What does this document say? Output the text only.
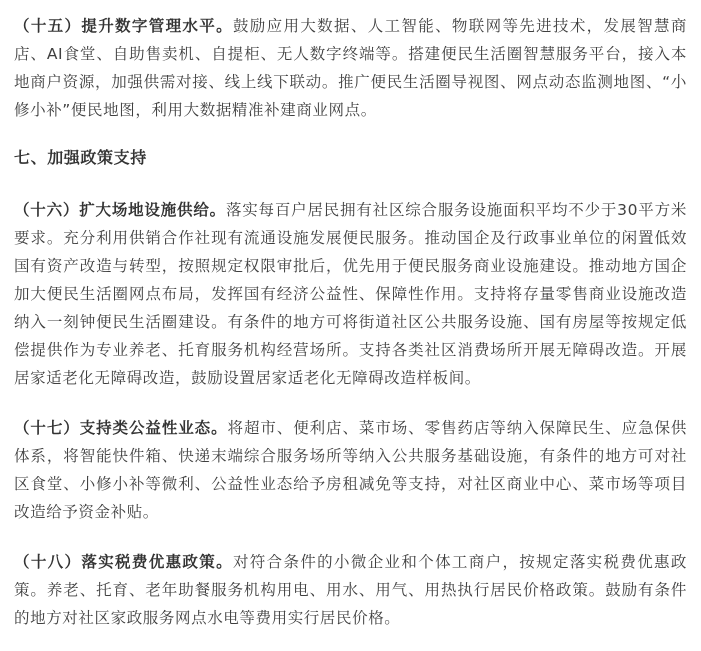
（十五）提升数字管理水平。鼓励应用大数据、人工智能、物联网等先进技术，发展智慧商店、AI食堂、自助售卖机、自提柜、无人数字终端等。搭建便民生活圈智慧服务平台，接入本地商户资源，加强供需对接、线上线下联动。推广便民生活圈导视图、网点动态监测地图、“小修小补”便民地图，利用大数据精准补建商业网点。

七、加强政策支持

（十六）扩大场地设施供给。落实每百户居民拥有社区综合服务设施面积平均不少于30平方米要求。充分利用供销合作社现有流通设施发展便民服务。推动国企及行政事业单位的闲置低效国有资产改造与转型，按照规定权限审批后，优先用于便民服务商业设施建设。推动地方国企加大便民生活圈网点布局，发挥国有经济公益性、保障性作用。支持将存量零售商业设施改造纳入一刻钟便民生活圈建设。有条件的地方可将街道社区公共服务设施、国有房屋等按规定低偿提供作为专业养老、托育服务机构经营场所。支持各类社区消费场所开展无障碍改造。开展居家适老化无障碍改造，鼓励设置居家适老化无障碍改造样板间。

（十七）支持类公益性业态。将超市、便利店、菜市场、零售药店等纳入保障民生、应急保供体系，将智能快件箱、快递末端综合服务场所等纳入公共服务基础设施，有条件的地方可对社区食堂、小修小补等微利、公益性业态给予房租减免等支持，对社区商业中心、菜市场等项目改造给予资金补贴。

（十八）落实税费优惠政策。对符合条件的小微企业和个体工商户，按规定落实税费优惠政策。养老、托育、老年助餐服务机构用电、用水、用气、用热执行居民价格政策。鼓励有条件的地方对社区家政服务网点水电等费用实行居民价格。
